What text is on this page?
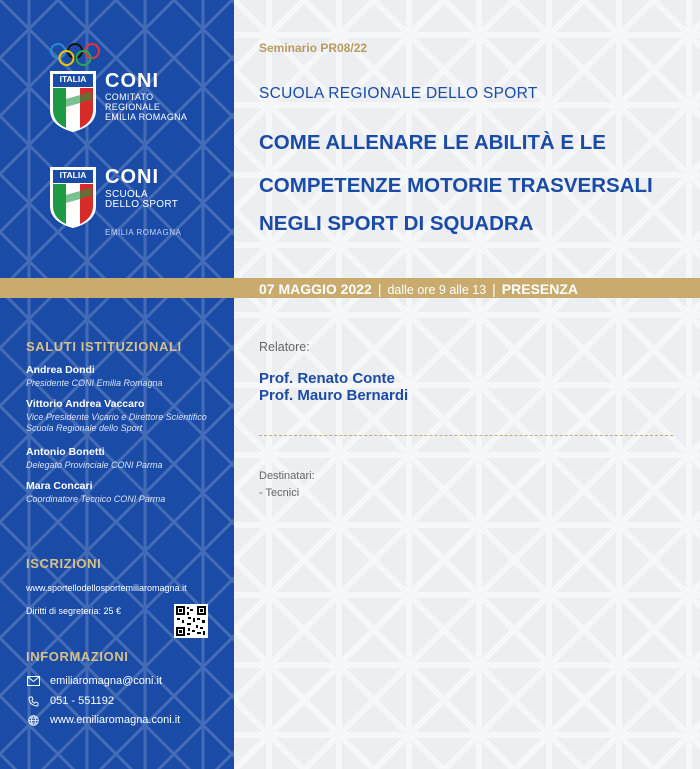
ITALIA CONI
COMITATO
REGIONALE
EMILIA ROMAGNA
ITALIA CONI
SCUOLA
DELLO SPORT
EMILIA ROMAGNA
SALUTI ISTITUZIONALI
Andrea Dondi
Presidente CONI Emilia Romagna
Vittorio Andrea Vaccaro
Vice Presidente Vicario e Direttore Scientifico Scuola Regionale dello Sport
Antonio Bonetti
Delegato Provinciale CONI Parma
Mara Concari
Coordinatore Tecnico CONI Parma
ISCRIZIONI
www.sportellodellosportemiliaromagna.it
Diritti di segreteria: 25 €
INFORMAZIONI
emiliaromagna@coni.it
051 - 551192
www.emiliaromagna.coni.it
07 MAGGIO 2022 | dalle ore 9 alle 13 | PRESENZA
Seminario PR08/22
SCUOLA REGIONALE DELLO SPORT
COME ALLENARE LE ABILITÀ E LE
COMPETENZE MOTORIE TRASVERSALI
NEGLI SPORT DI SQUADRA
Relatore:
Prof. Renato Conte
Prof. Mauro Bernardi
Destinatari:
- Tecnici
